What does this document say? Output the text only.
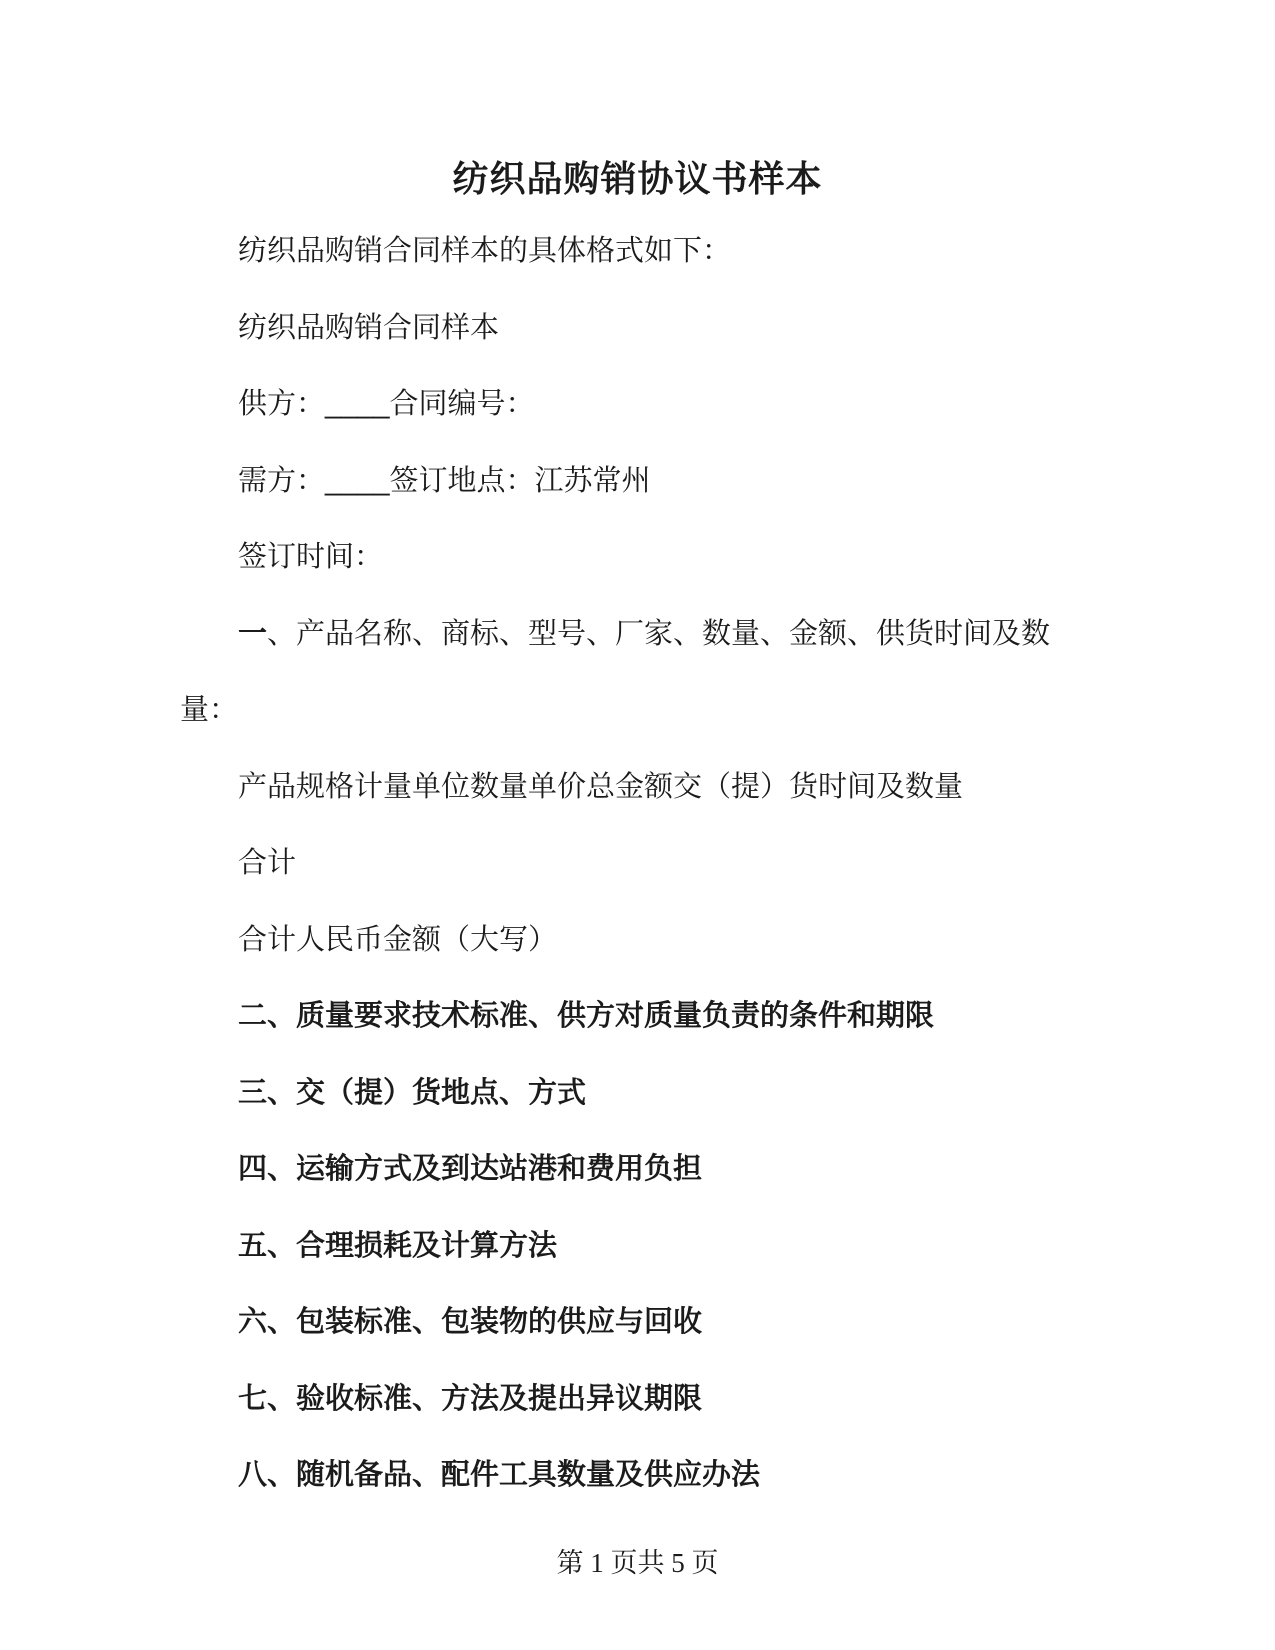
纺织品购销协议书样本
纺织品购销合同样本的具体格式如下：
纺织品购销合同样本
供方：____合同编号：
需方：____签订地点：江苏常州
签订时间：
一、产品名称、商标、型号、厂家、数量、金额、供货时间及数
量：
产品规格计量单位数量单价总金额交（提）货时间及数量
合计
合计人民币金额（大写）
二、质量要求技术标准、供方对质量负责的条件和期限
三、交（提）货地点、方式
四、运输方式及到达站港和费用负担
五、合理损耗及计算方法
六、包装标准、包装物的供应与回收
七、验收标准、方法及提出异议期限
八、随机备品、配件工具数量及供应办法
第 1 页共 5 页
